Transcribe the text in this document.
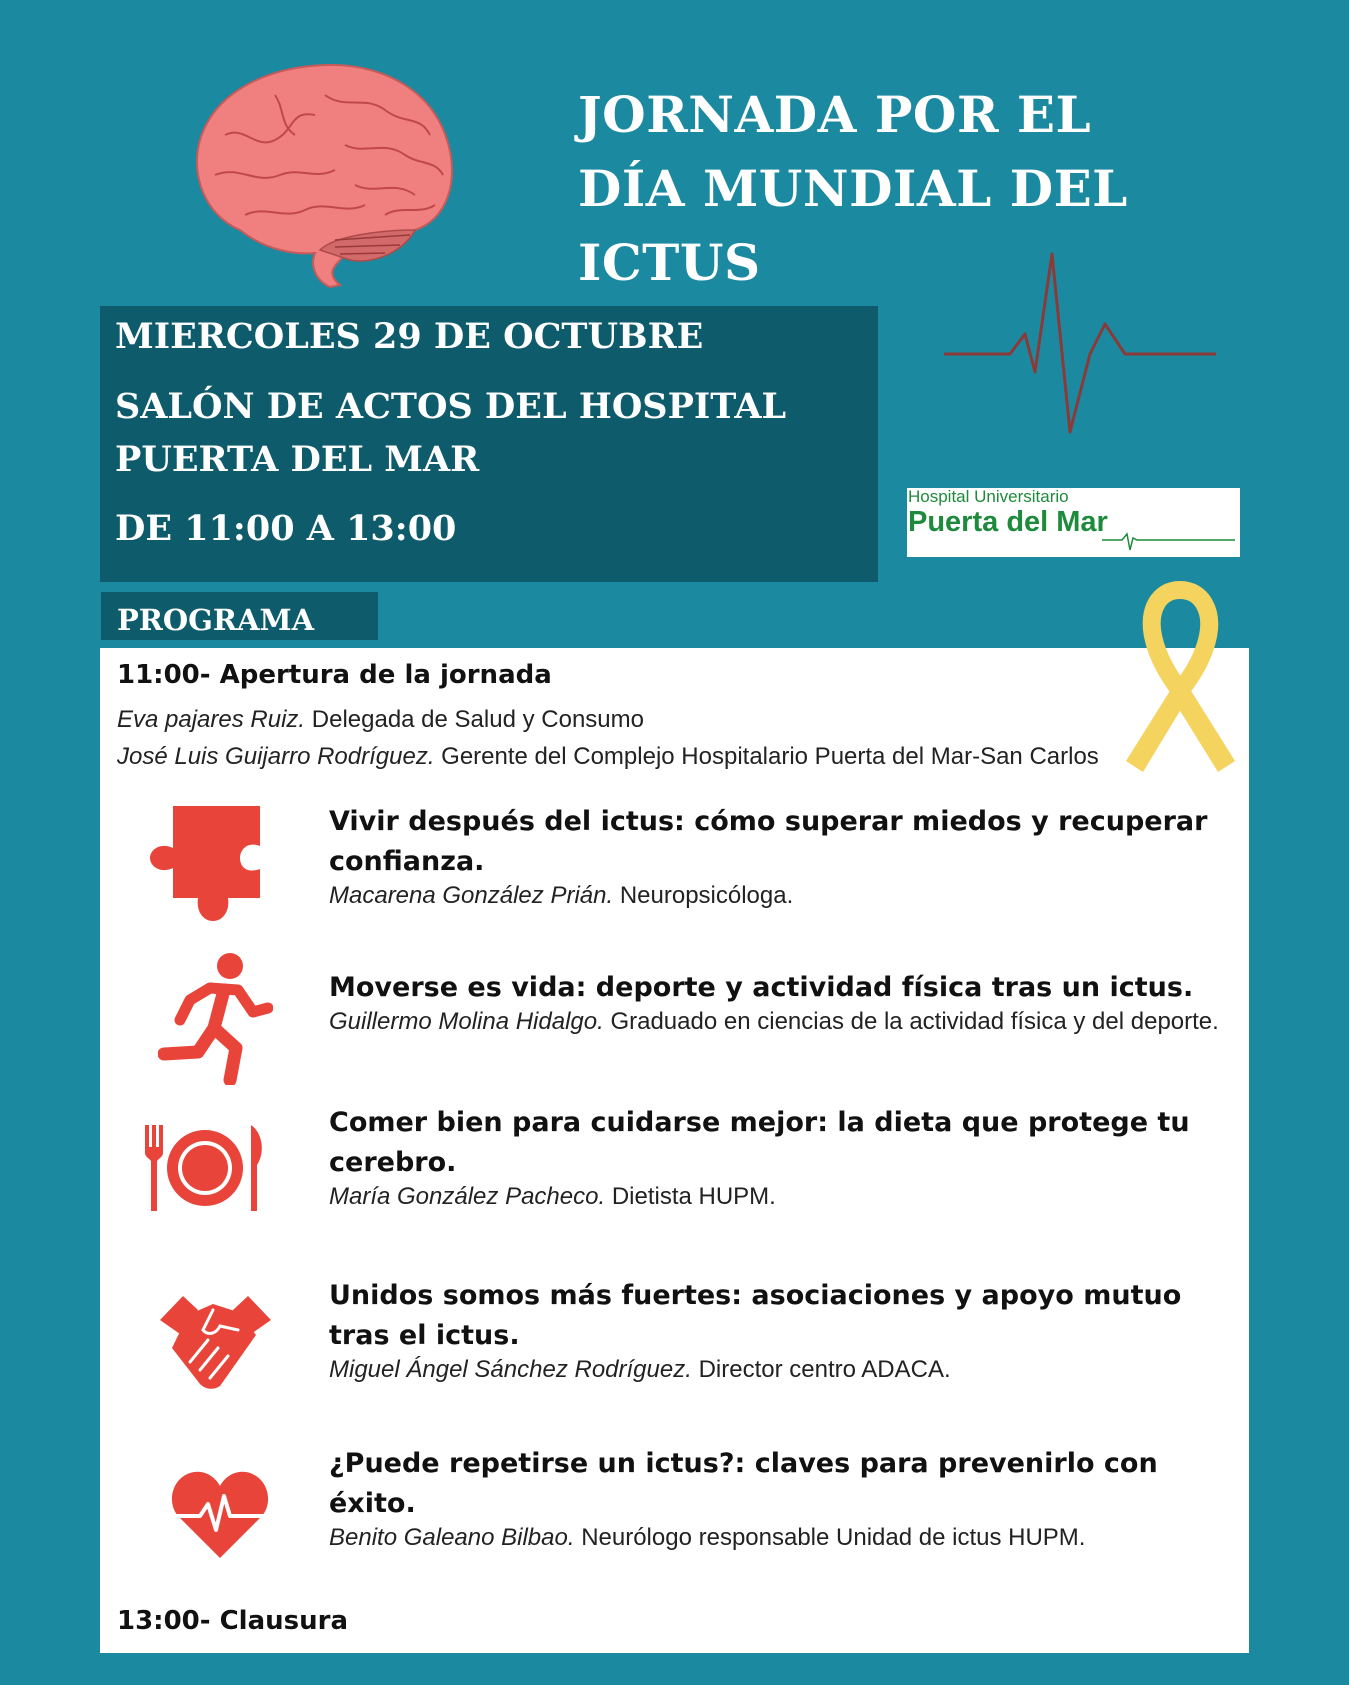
JORNADA POR EL
DÍA MUNDIAL DEL
ICTUS
MIERCOLES 29 DE OCTUBRE
SALÓN DE ACTOS DEL HOSPITAL
PUERTA DEL MAR
DE 11:00 A 13:00
Hospital Universitario
Puerta del Mar
PROGRAMA
11:00- Apertura de la jornada
Eva pajares Ruiz. Delegada de Salud y Consumo
José Luis Guijarro Rodríguez. Gerente del Complejo Hospitalario Puerta del Mar-San Carlos
Vivir después del ictus: cómo superar miedos y recuperar confianza.
Macarena González Prián. Neuropsicóloga.
Moverse es vida: deporte y actividad física tras un ictus.
Guillermo Molina Hidalgo. Graduado en ciencias de la actividad física y del deporte.
Comer bien para cuidarse mejor: la dieta que protege tu cerebro.
María González Pacheco. Dietista HUPM.
Unidos somos más fuertes: asociaciones y apoyo mutuo tras el ictus.
Miguel Ángel Sánchez Rodríguez. Director centro ADACA.
¿Puede repetirse un ictus?: claves para prevenirlo con éxito.
Benito Galeano Bilbao. Neurólogo responsable Unidad de ictus HUPM.
13:00- Clausura
